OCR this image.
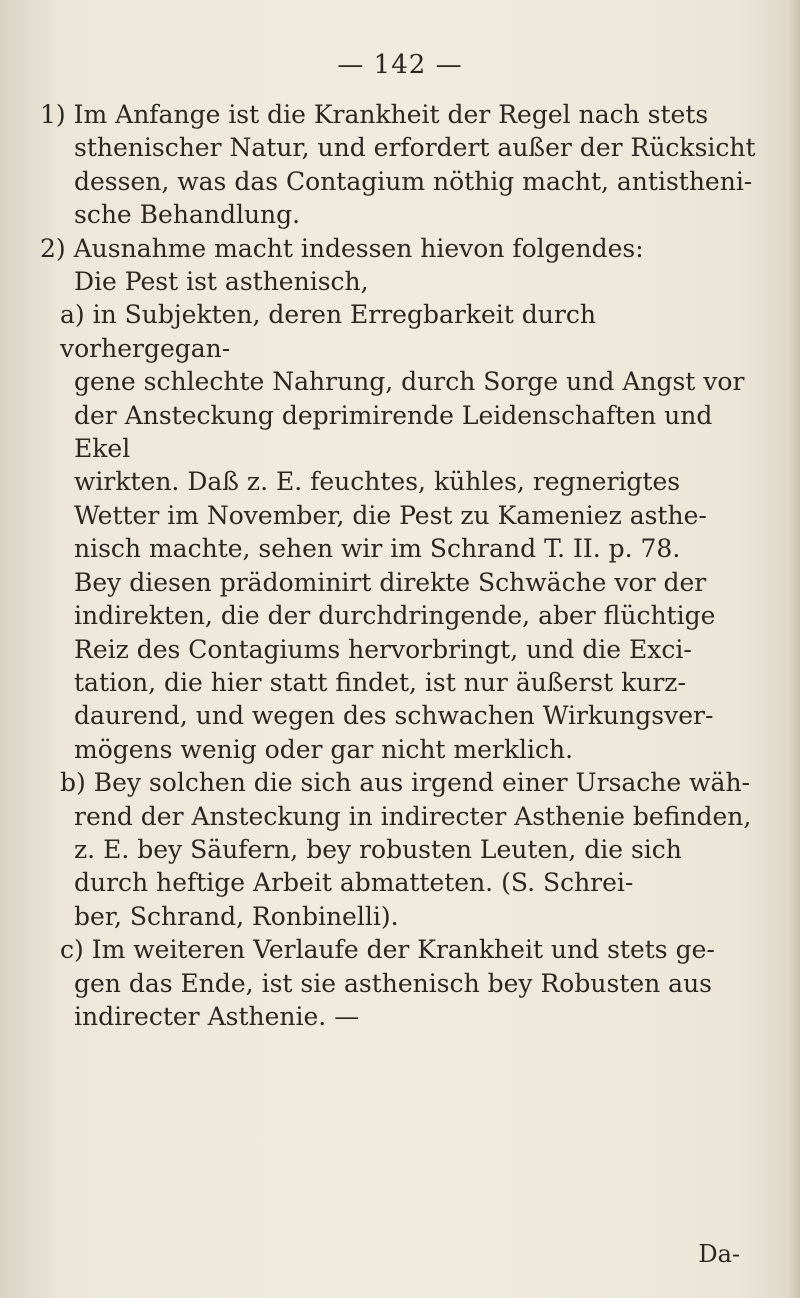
— 142 —
1) Im Anfange ist die Krankheit der Regel nach stets
sthenischer Natur, und erfordert außer der Rücksicht
dessen, was das Contagium nöthig macht, antistheni-
sche Behandlung.
2) Ausnahme macht indessen hievon folgendes:
Die Pest ist asthenisch,
a) in Subjekten, deren Erregbarkeit durch vorhergegan-
gene schlechte Nahrung, durch Sorge und Angst vor
der Ansteckung deprimirende Leidenschaften und Ekel
wirkten. Daß z. E. feuchtes, kühles, regnerigtes
Wetter im November, die Pest zu Kameniez asthe-
nisch machte, sehen wir im Schrand T. II. p. 78.
Bey diesen prädominirt direkte Schwäche vor der
indirekten, die der durchdringende, aber flüchtige
Reiz des Contagiums hervorbringt, und die Exci-
tation, die hier statt findet, ist nur äußerst kurz-
daurend, und wegen des schwachen Wirkungsver-
mögens wenig oder gar nicht merklich.
b) Bey solchen die sich aus irgend einer Ursache wäh-
rend der Ansteckung in indirecter Asthenie befinden,
z. E. bey Säufern, bey robusten Leuten, die sich
durch heftige Arbeit abmatteten. (S. Schrei-
ber, Schrand, Ronbinelli).
c) Im weiteren Verlaufe der Krankheit und stets ge-
gen das Ende, ist sie asthenisch bey Robusten aus
indirecter Asthenie. —
Da-
